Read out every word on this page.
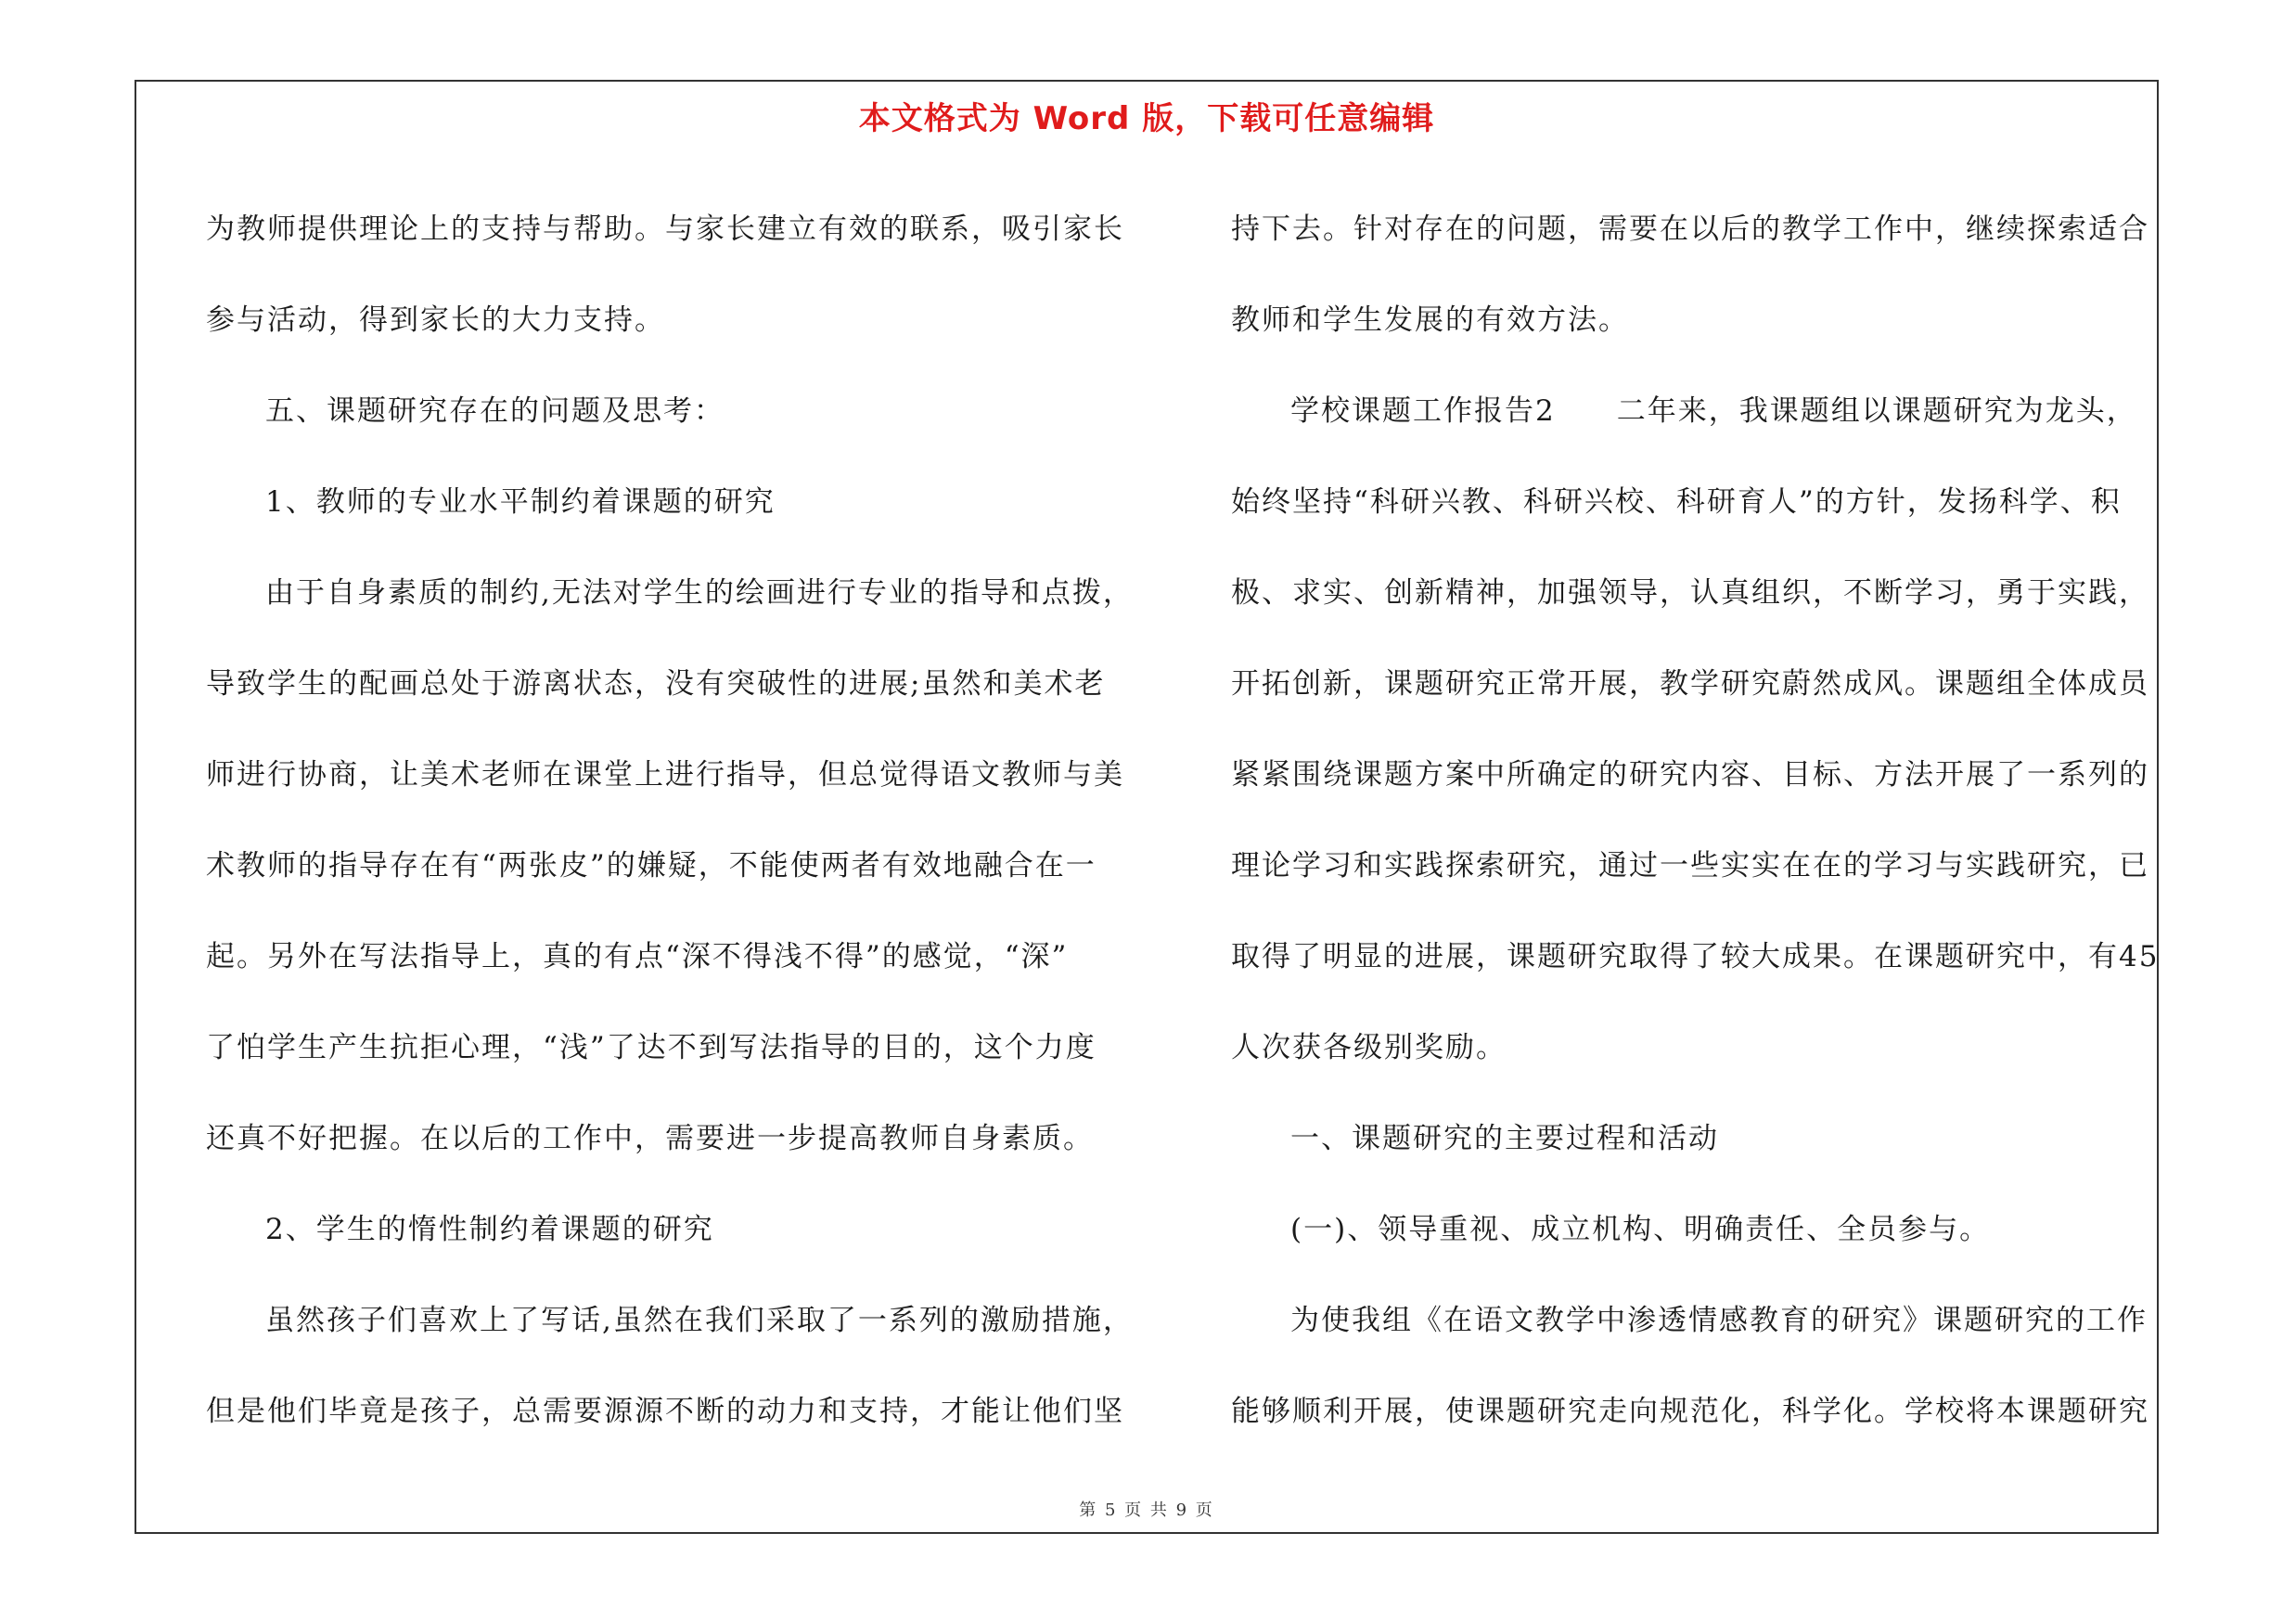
本文格式为 Word 版，下载可任意编辑
为教师提供理论上的支持与帮助。与家长建立有效的联系，吸引家长
参与活动，得到家长的大力支持。
五、课题研究存在的问题及思考：
1、教师的专业水平制约着课题的研究
由于自身素质的制约,无法对学生的绘画进行专业的指导和点拨，
导致学生的配画总处于游离状态，没有突破性的进展;虽然和美术老
师进行协商，让美术老师在课堂上进行指导，但总觉得语文教师与美
术教师的指导存在有“两张皮”的嫌疑，不能使两者有效地融合在一
起。另外在写法指导上，真的有点“深不得浅不得”的感觉，“深”
了怕学生产生抗拒心理，“浅”了达不到写法指导的目的，这个力度
还真不好把握。在以后的工作中，需要进一步提高教师自身素质。
2、学生的惰性制约着课题的研究
虽然孩子们喜欢上了写话,虽然在我们采取了一系列的激励措施，
但是他们毕竟是孩子，总需要源源不断的动力和支持，才能让他们坚
持下去。针对存在的问题，需要在以后的教学工作中，继续探索适合
教师和学生发展的有效方法。
学校课题工作报告2　　二年来，我课题组以课题研究为龙头，
始终坚持“科研兴教、科研兴校、科研育人”的方针，发扬科学、积
极、求实、创新精神，加强领导，认真组织，不断学习，勇于实践，
开拓创新，课题研究正常开展，教学研究蔚然成风。课题组全体成员
紧紧围绕课题方案中所确定的研究内容、目标、方法开展了一系列的
理论学习和实践探索研究，通过一些实实在在的学习与实践研究，已
取得了明显的进展，课题研究取得了较大成果。在课题研究中，有45
人次获各级别奖励。
一、课题研究的主要过程和活动
(一)、领导重视、成立机构、明确责任、全员参与。
为使我组《在语文教学中渗透情感教育的研究》课题研究的工作
能够顺利开展，使课题研究走向规范化，科学化。学校将本课题研究
第 5 页 共 9 页
